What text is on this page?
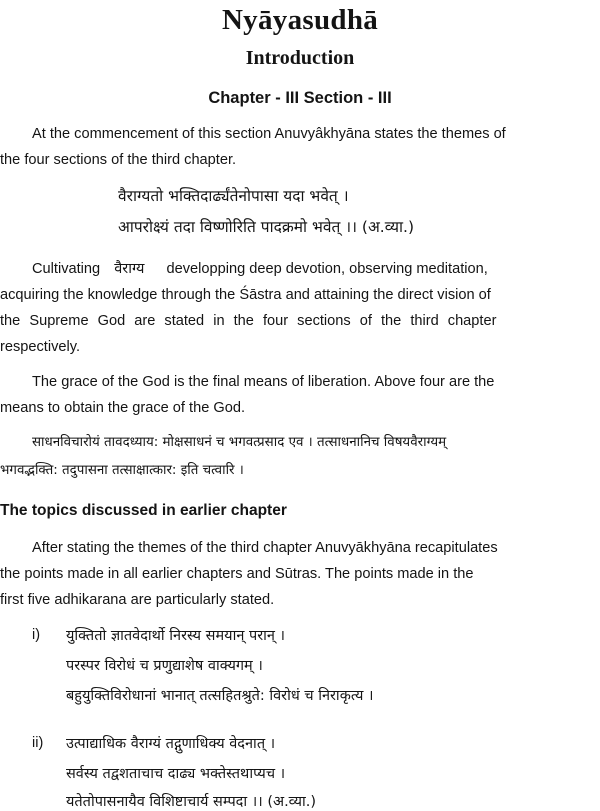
Nyāyasudhā
Introduction
Chapter - III Section - III
At the commencement of this section Anuvyâkhyāna states the themes of
the four sections of the third chapter.
वैराग्यतो भक्तिदार्ढ्यंतेनोपासा यदा भवेत् ।
आपरोक्ष्यं तदा विष्णोरिति पादक्रमो भवेत् ।। (अ.व्या.)
Cultivating वैराग्य developping deep devotion, observing meditation,
acquiring the knowledge through the Śāstra and attaining the direct vision of
the Supreme God are stated in the four sections of the third chapter
respectively.
The grace of the God is the final means of liberation. Above four are the
means to obtain the grace of the God.
साधनविचारोयं तावदध्याय: मोक्षसाधनं च भगवत्प्रसाद एव । तत्साधनानिच विषयवैराग्यम्
भगवद्भक्ति: तदुपासना तत्साक्षात्कार: इति चत्वारि ।
The topics discussed in earlier chapter
After stating the themes of the third chapter Anuvyākhyāna recapitulates
the points made in all earlier chapters and Sūtras. The points made in the
first five adhikarana are particularly stated.
i) युक्तितो ज्ञातवेदार्थो निरस्य समयान् परान् ।
परस्पर विरोधं च प्रणुद्याशेष वाक्यगम् ।
बहुयुक्तिविरोधानां भानात् तत्सहितश्रुते: विरोधं च निराकृत्य ।
ii) उत्पाद्याधिक वैराग्यं तद्गुणाधिक्य वेदनात् ।
सर्वस्य तद्वशताचाच दाढ्य भक्तेस्तथाप्यच ।
यतेतोपासनायैव विशिष्टाचार्य सम्पदा ।। (अ.व्या.)
